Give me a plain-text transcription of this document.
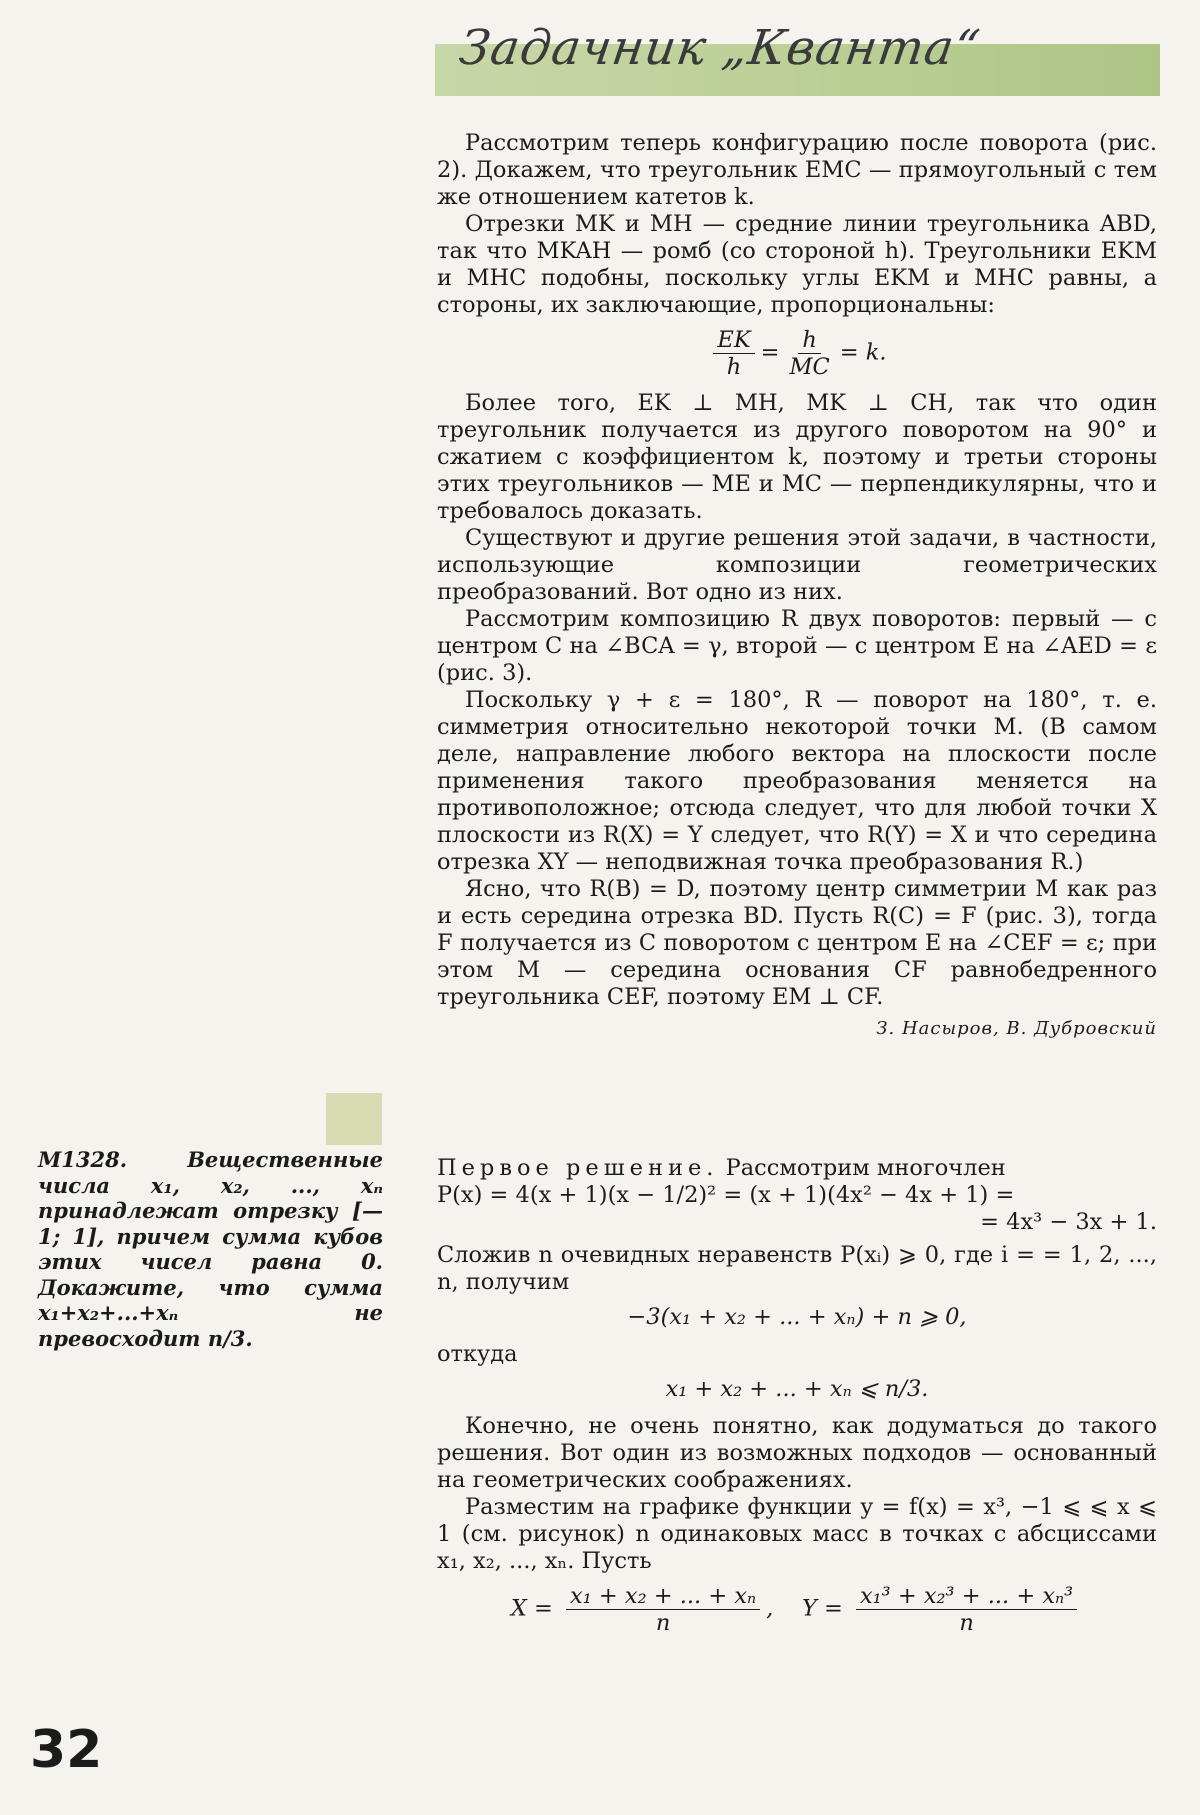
Задачник „Кванта“

Рассмотрим теперь конфигурацию после поворота (рис. 2). Докажем, что треугольник EMC — прямоугольный с тем же отношением катетов k.

Отрезки MK и MH — средние линии треугольника ABD, так что MKAH — ромб (со стороной h). Треугольники EKM и MHC подобны, поскольку углы EKM и MHC равны, а стороны, их заключающие, пропорциональны:

$\frac{EK}{h} = \frac{h}{MC} = k$.

Более того, EK ⊥ MH, MK ⊥ CH, так что один треугольник получается из другого поворотом на 90° и сжатием с коэффициентом k, поэтому и третьи стороны этих треугольников — ME и MC — перпендикулярны, что и требовалось доказать.

Существуют и другие решения этой задачи, в частности, использующие композиции геометрических преобразований. Вот одно из них.

Рассмотрим композицию R двух поворотов: первый — с центром C на ∠BCA = γ, второй — с центром E на ∠AED = ε (рис. 3).

Поскольку γ + ε = 180°, R — поворот на 180°, т. е. симметрия относительно некоторой точки M. (В самом деле, направление любого вектора на плоскости после применения такого преобразования меняется на противоположное; отсюда следует, что для любой точки X плоскости из R(X) = Y следует, что R(Y) = X и что середина отрезка XY — неподвижная точка преобразования R.)

Ясно, что R(B) = D, поэтому центр симметрии M как раз и есть середина отрезка BD. Пусть R(C) = F (рис. 3), тогда F получается из C поворотом с центром E на ∠CEF = ε; при этом M — середина основания CF равнобедренного треугольника CEF, поэтому EM ⊥ CF.

З. Насыров, В. Дубровский
М1328.	Вещественные числа x₁, x₂, ..., xₙ принадлежат отрезку [—1; 1], причем сумма кубов этих чисел равна 0. Докажите, что сумма x₁+x₂+...+xₙ не превосходит n/3.

Первое решение. Рассмотрим многочлен

P(x) = 4(x + 1)(x − 1/2)² = (x + 1)(4x² − 4x + 1) =

= 4x³ − 3x + 1.

Сложив n очевидных неравенств P(xᵢ) ⩾ 0, где i = = 1, 2, ..., n, получим

−3(x₁ + x₂ + ... + xₙ) + n ⩾ 0,

откуда

x₁ + x₂ + ... + xₙ ⩽ n/3.

Конечно, не очень понятно, как додуматься до такого решения. Вот один из возможных подходов — основанный на геометрических соображениях.

Разместим на графике функции y = f(x) = x³, −1 ⩽ ⩽ x ⩽ 1 (см. рисунок) n одинаковых масс в точках с абсциссами x₁, x₂, ..., xₙ. Пусть

$X = \frac{\text{x₁ + x₂ + ... + xₙ}}{n}$ , $Y = \frac{\text{x₁³ + x₂³ + ... + xₙ³}}{n}$
32
